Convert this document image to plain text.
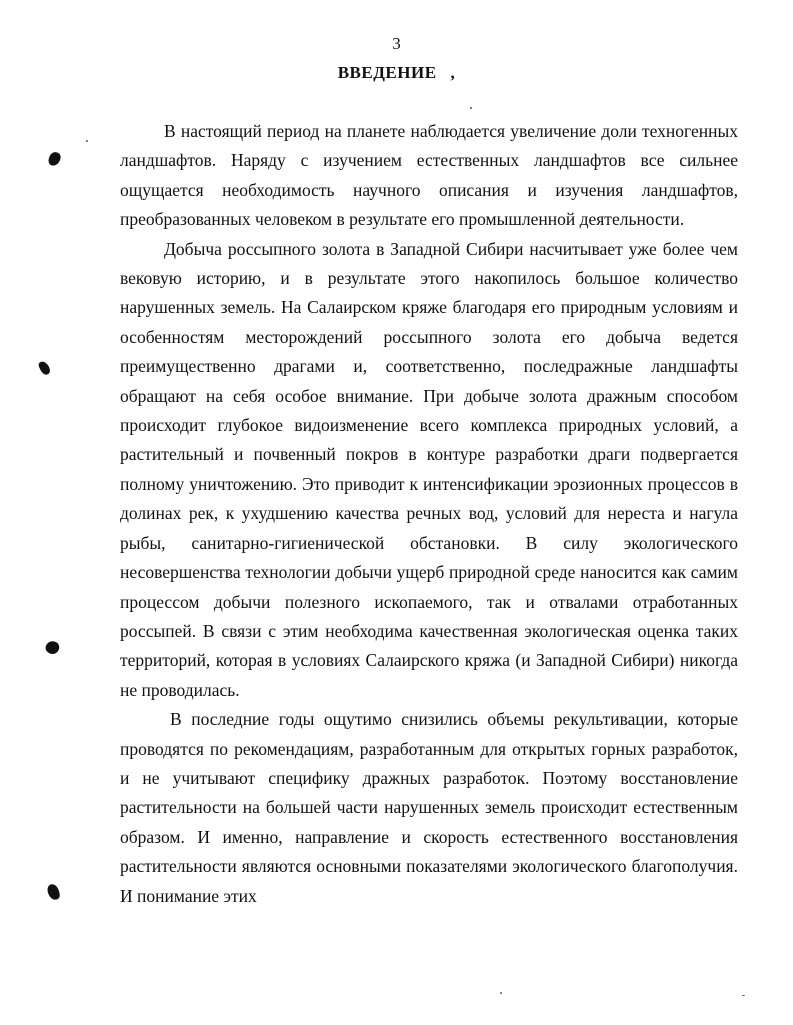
3
ВВЕДЕНИЕ ,

В настоящий период на планете наблюдается увеличение доли техногенных ландшафтов. Наряду с изучением естественных ландшафтов все сильнее ощущается необходимость научного описания и изучения ландшафтов, преобразованных человеком в результате его промышленной деятельности.

Добыча россыпного золота в Западной Сибири насчитывает уже более чем вековую историю, и в результате этого накопилось большое количество нарушенных земель. На Салаирском кряже благодаря его природным условиям и особенностям месторождений россыпного золота его добыча ведется преимущественно драгами и, соответственно, последражные ландшафты обращают на себя особое внимание. При добыче золота дражным способом происходит глубокое видоизменение всего комплекса природных условий, а растительный и почвенный покров в контуре разработки драги подвергается полному уничтожению. Это приводит к интенсификации эрозионных процессов в долинах рек, к ухудшению качества речных вод, условий для нереста и нагула рыбы, санитарно-гигиенической обстановки. В силу экологического несовершенства технологии добычи ущерб природной среде наносится как самим процессом добычи полезного ископаемого, так и отвалами отработанных россыпей. В связи с этим необходима качественная экологическая оценка таких территорий, которая в условиях Салаирского кряжа (и Западной Сибири) никогда не проводилась.

В последние годы ощутимо снизились объемы рекультивации, которые проводятся по рекомендациям, разработанным для открытых горных разработок, и не учитывают специфику дражных разработок. Поэтому восстановление растительности на большей части нарушенных земель происходит естественным образом. И именно, направление и скорость естественного восстановления растительности являются основными показателями экологического благополучия. И понимание этих
